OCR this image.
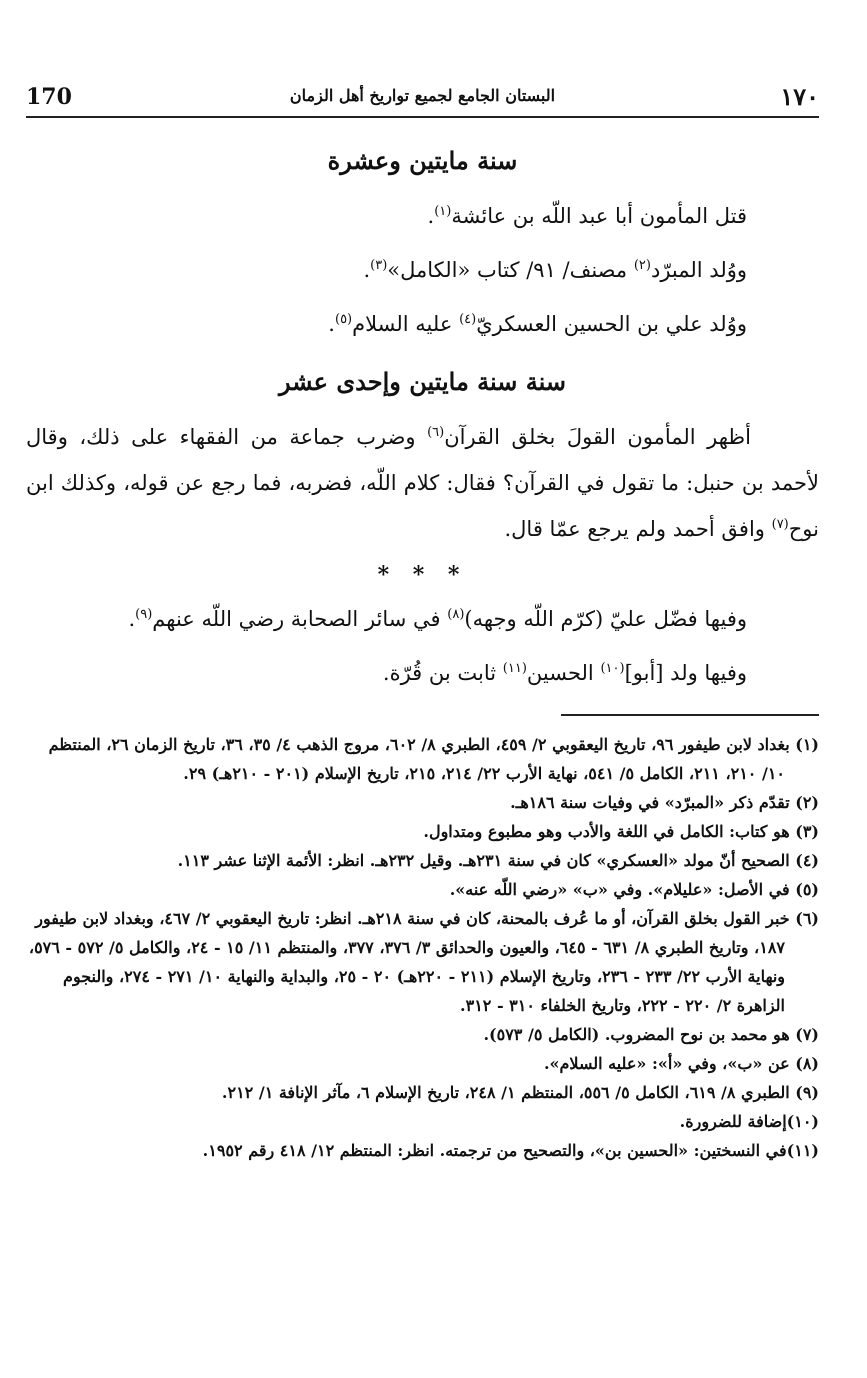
170	البستان الجامع لجميع تواريخ أهل الزمان	١٧٠
سنة مايتين وعشرة
قتل المأمون أبا عبد اللّه بن عائشة$^{(١)}$.
ووُلد المبرّد$^{(٢)}$ مصنف/ ٩١/ كتاب «الكامل»$^{(٣)}$.
ووُلد علي بن الحسين العسكريّ$^{(٤)}$ عليه السلام$^{(٥)}$.
سنة سنة مايتين وإحدى عشر
أظهر المأمون القولَ بخلق القرآن$^{(٦)}$ وضرب جماعة من الفقهاء على ذلك، وقال لأحمد بن حنبل: ما تقول في القرآن؟ فقال: كلام اللّه، فضربه، فما رجع عن قوله، وكذلك ابن نوح$^{(٧)}$ وافق أحمد ولم يرجع عمّا قال.
* * *
وفيها فضّل عليّ (كرّم اللّه وجهه)$^{(٨)}$ في سائر الصحابة رضي اللّه عنهم$^{(٩)}$.
وفيها ولد [أبو]$^{(١٠)}$ الحسين$^{(١١)}$ ثابت بن قُرّة.
(١) بغداد لابن طيفور ٩٦، تاريخ اليعقوبي ٢/ ٤٥٩، الطبري ٨/ ٦٠٢، مروج الذهب ٤/ ٣٥، ٣٦، تاريخ الزمان ٢٦، المنتظم ١٠/ ٢١٠، ٢١١، الكامل ٥/ ٥٤١، نهاية الأرب ٢٢/ ٢١٤، ٢١٥، تاريخ الإسلام (٢٠١ - ٢١٠هـ) ٢٩.
(٢) تقدّم ذكر «المبرّد» في وفيات سنة ١٨٦هـ.
(٣) هو كتاب: الكامل في اللغة والأدب وهو مطبوع ومتداول.
(٤) الصحيح أنّ مولد «العسكري» كان في سنة ٢٣١هـ. وقيل ٢٣٢هـ. انظر: الأئمة الإثنا عشر ١١٣.
(٥) في الأصل: «عليلام». وفي «ب» «رضي اللّه عنه».
(٦) خبر القول بخلق القرآن، أو ما عُرف بالمحنة، كان في سنة ٢١٨هـ. انظر: تاريخ اليعقوبي ٢/ ٤٦٧، وبغداد لابن طيفور ١٨٧، وتاريخ الطبري ٨/ ٦٣١ - ٦٤٥، والعيون والحدائق ٣/ ٣٧٦، ٣٧٧، والمنتظم ١١/ ١٥ - ٢٤، والكامل ٥/ ٥٧٢ - ٥٧٦، ونهاية الأرب ٢٢/ ٢٣٣ - ٢٣٦، وتاريخ الإسلام (٢١١ - ٢٢٠هـ) ٢٠ - ٢٥، والبداية والنهاية ١٠/ ٢٧١ - ٢٧٤، والنجوم الزاهرة ٢/ ٢٢٠ - ٢٢٢، وتاريخ الخلفاء ٣١٠ - ٣١٢.
(٧) هو محمد بن نوح المضروب. (الكامل ٥/ ٥٧٣).
(٨) عن «ب»، وفي «أ»: «عليه السلام».
(٩) الطبري ٨/ ٦١٩، الكامل ٥/ ٥٥٦، المنتظم ١/ ٢٤٨، تاريخ الإسلام ٦، مآثر الإنافة ١/ ٢١٢.
(١٠)إضافة للضرورة.
(١١)في النسختين: «الحسين بن»، والتصحيح من ترجمته. انظر: المنتظم ١٢/ ٤١٨ رقم ١٩٥٢.
